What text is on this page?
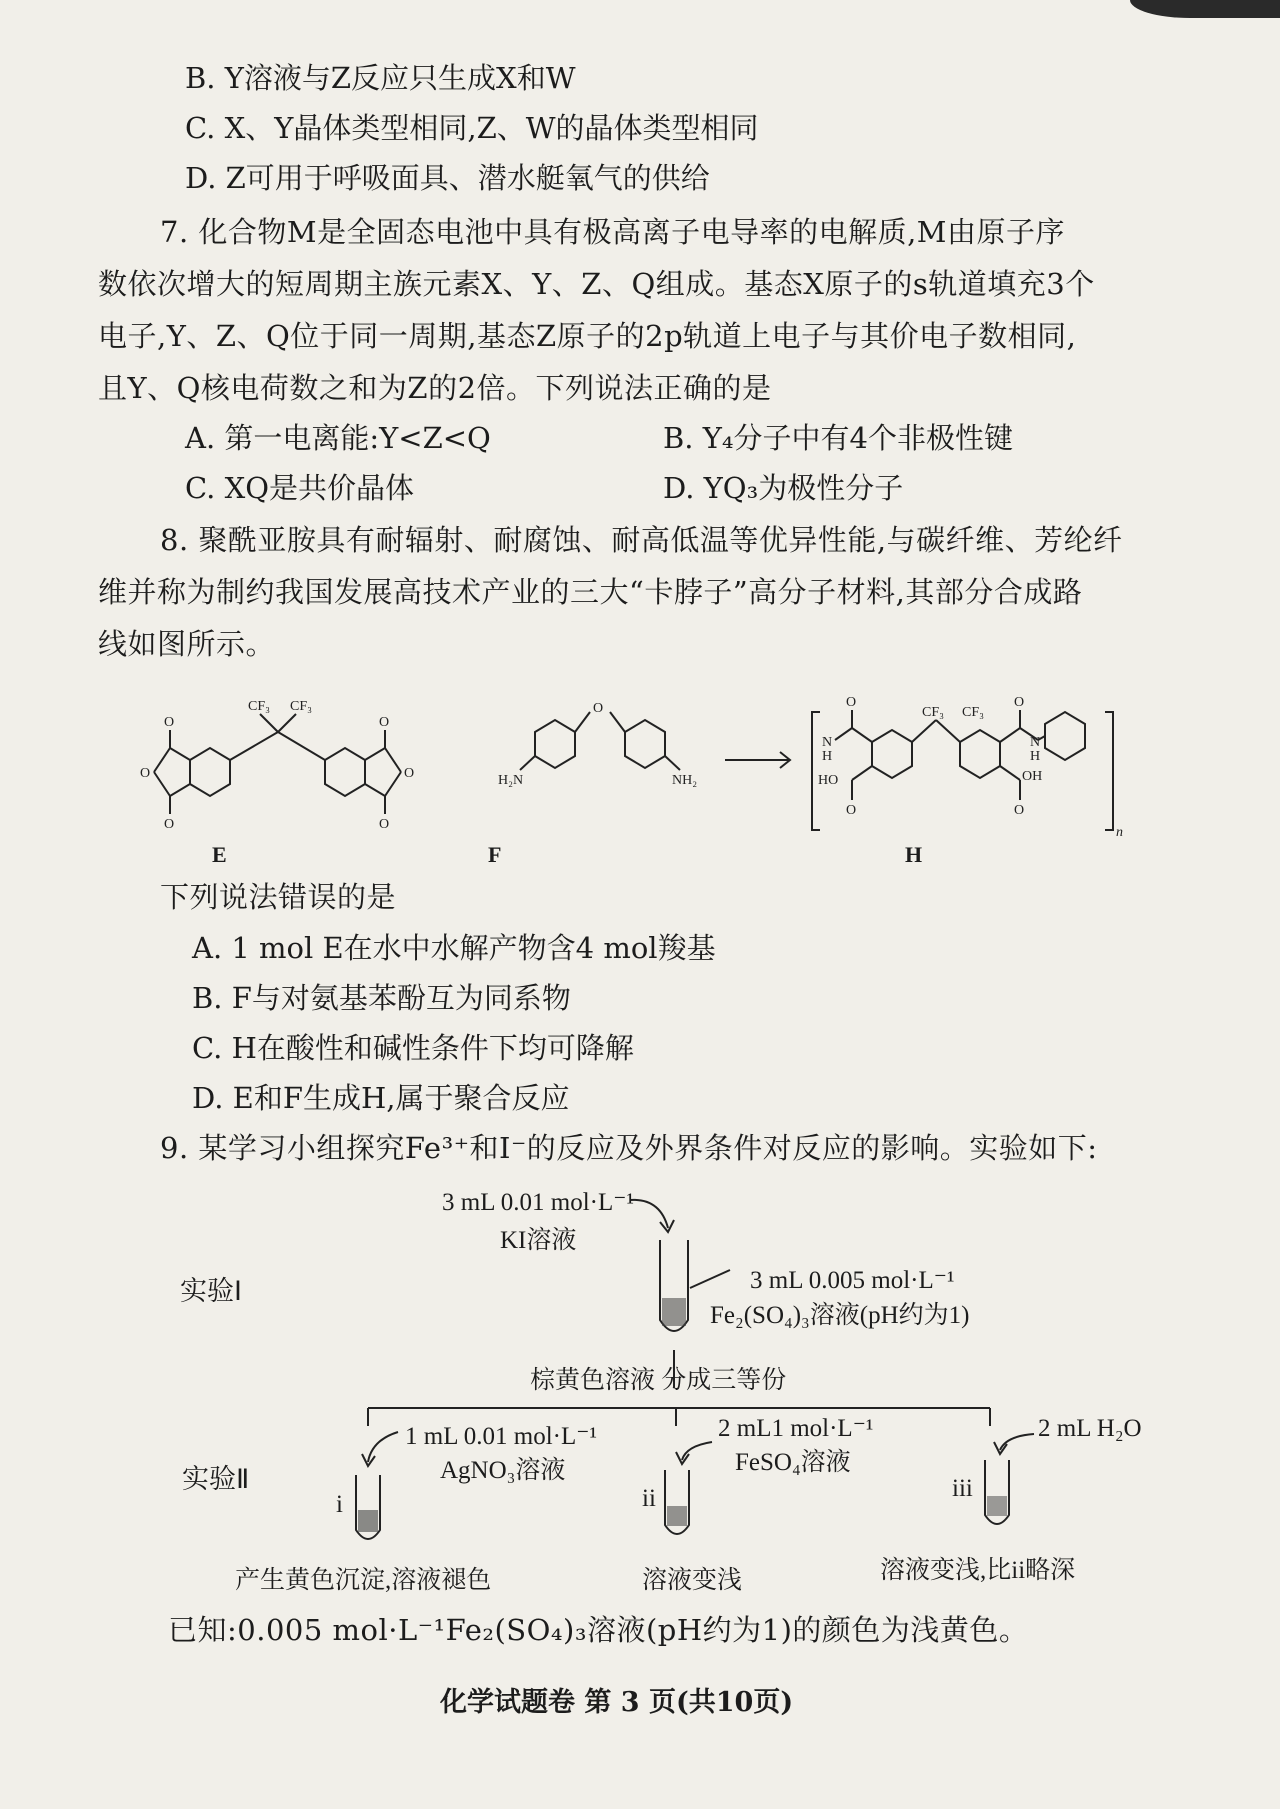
B. Y溶液与Z反应只生成X和W
C. X、Y晶体类型相同,Z、W的晶体类型相同
D. Z可用于呼吸面具、潜水艇氧气的供给
7. 化合物M是全固态电池中具有极高离子电导率的电解质,M由原子序
数依次增大的短周期主族元素X、Y、Z、Q组成。基态X原子的s轨道填充3个
电子,Y、Z、Q位于同一周期,基态Z原子的2p轨道上电子与其价电子数相同,
且Y、Q核电荷数之和为Z的2倍。下列说法正确的是
A. 第一电离能:Y<Z<Q	B. Y₄分子中有4个非极性键
C. XQ是共价晶体	D. YQ₃为极性分子
8. 聚酰亚胺具有耐辐射、耐腐蚀、耐高低温等优异性能,与碳纤维、芳纶纤
维并称为制约我国发展高技术产业的三大“卡脖子”高分子材料,其部分合成路
线如图所示。
CF₃ CF₃
O
O
O
O
O
O
O
H₂N	NH₂
CF₃ CF₃
O	O
N
H
HO
O
N
H
OH
O
n
E	F	H
下列说法错误的是
A. 1 mol E在水中水解产物含4 mol羧基
B. F与对氨基苯酚互为同系物
C. H在酸性和碱性条件下均可降解
D. E和F生成H,属于聚合反应
9. 某学习小组探究Fe³⁺和I⁻的反应及外界条件对反应的影响。实验如下:
3 mL 0.01 mol·L⁻¹
KI溶液
实验Ⅰ	3 mL 0.005 mol·L⁻¹
Fe₂(SO₄)₃溶液(pH约为1)
棕黄色溶液 分成三等份
1 mL 0.01 mol·L⁻¹
AgNO₃溶液
2 mL1 mol·L⁻¹
FeSO₄溶液
2 mL H₂O
实验Ⅱ
i	ii	iii
产生黄色沉淀,溶液褪色	溶液变浅	溶液变浅,比ii略深
已知:0.005 mol·L⁻¹Fe₂(SO₄)₃溶液(pH约为1)的颜色为浅黄色。
化学试题卷 第 3 页(共10页)
